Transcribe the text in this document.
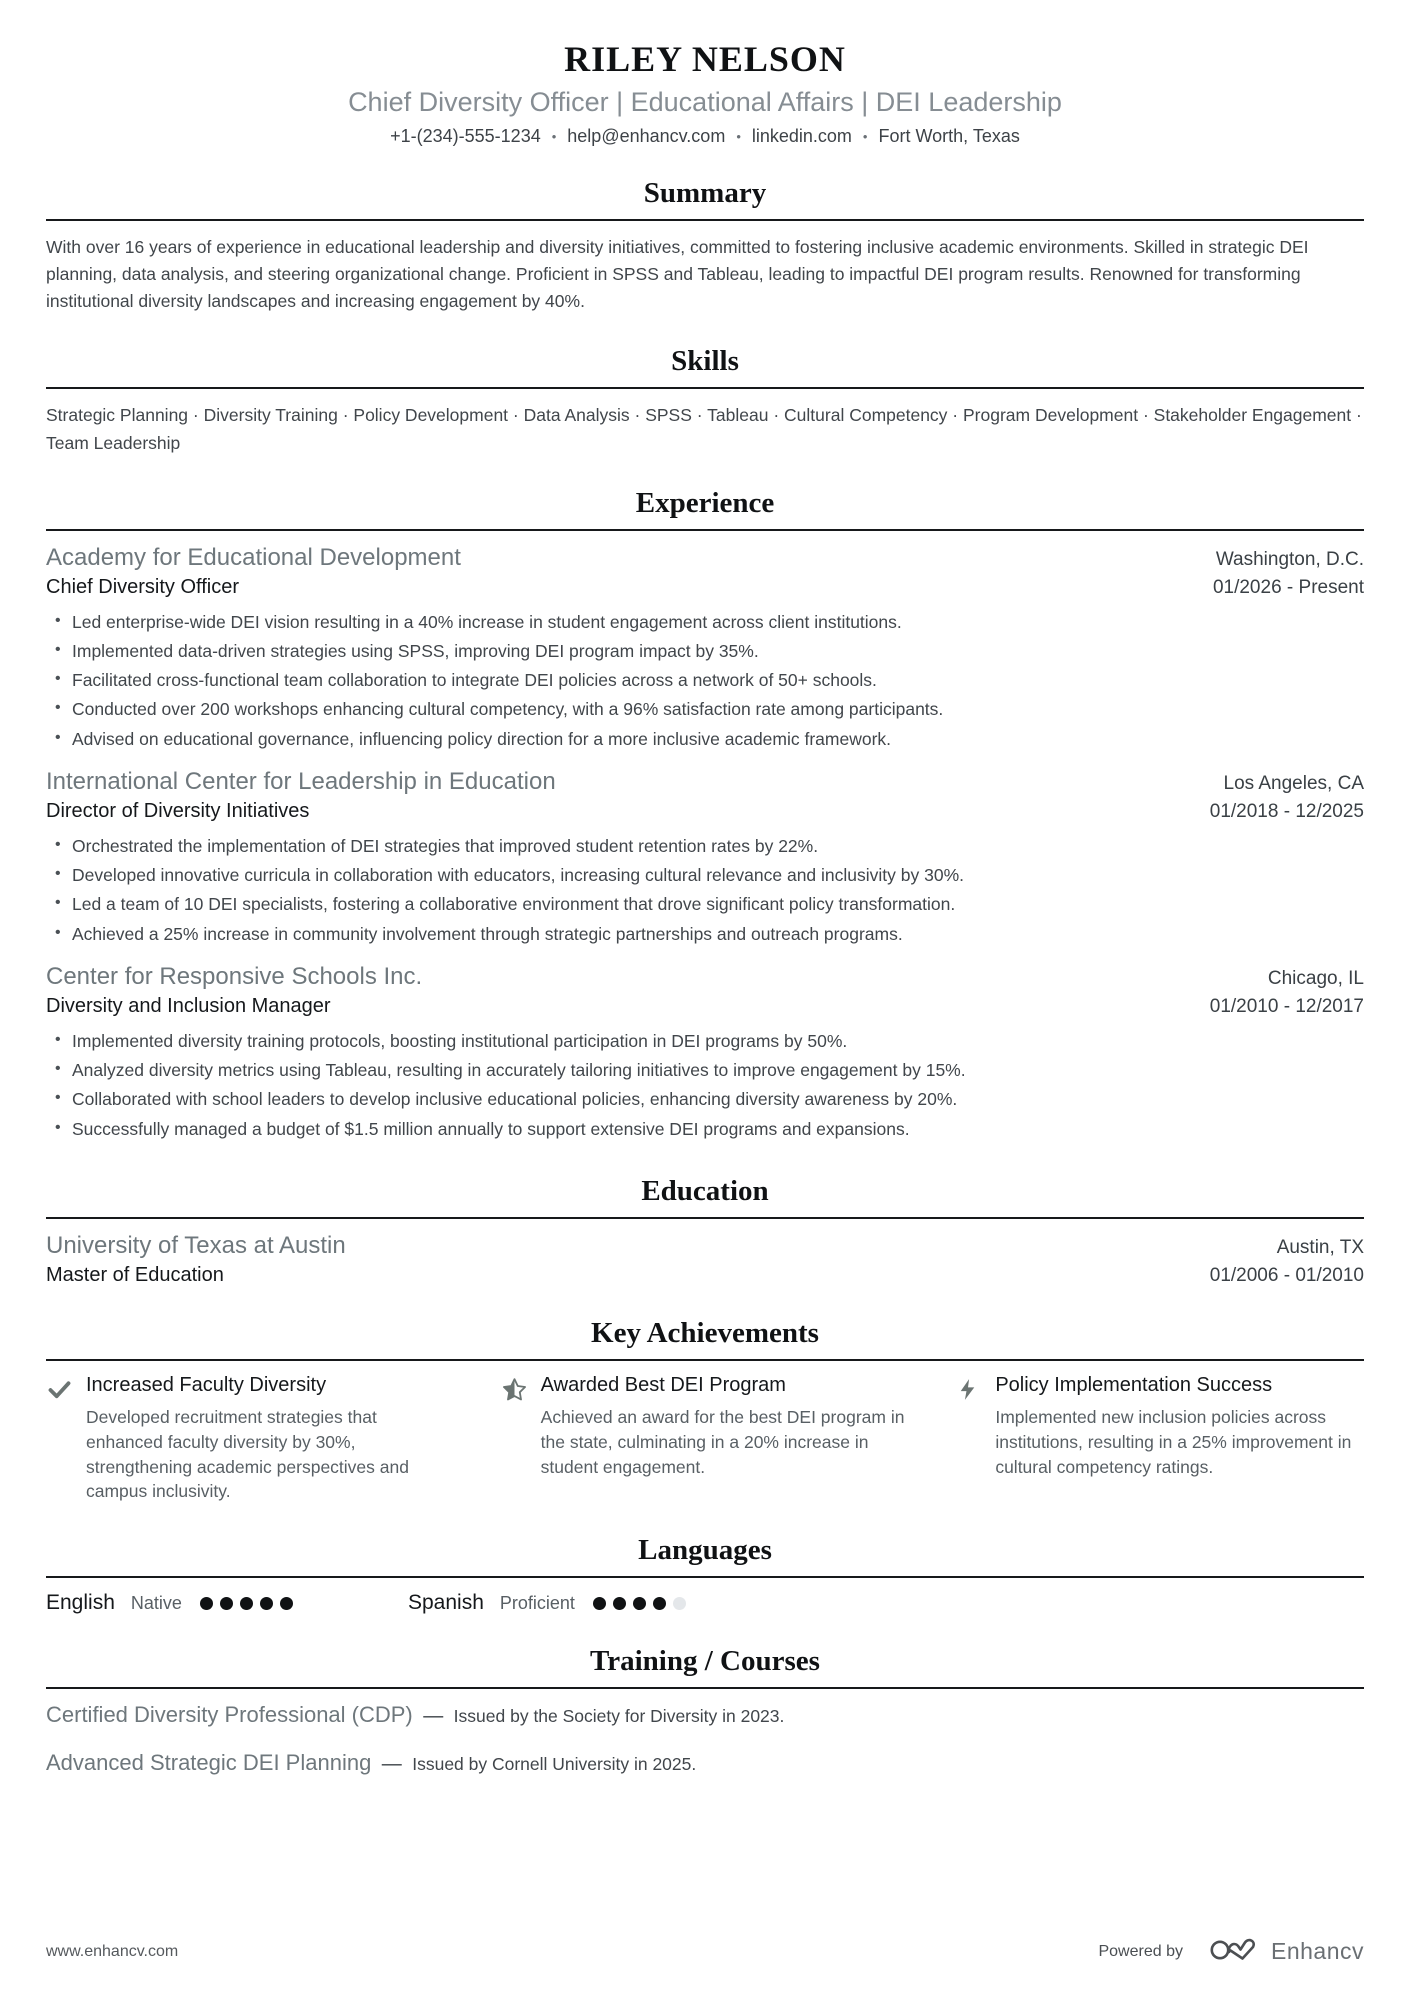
RILEY NELSON
Chief Diversity Officer | Educational Affairs | DEI Leadership
+1-(234)-555-1234 • help@enhancv.com • linkedin.com • Fort Worth, Texas
Summary

With over 16 years of experience in educational leadership and diversity initiatives, committed to fostering inclusive academic environments. Skilled in strategic DEI planning, data analysis, and steering organizational change. Proficient in SPSS and Tableau, leading to impactful DEI program results. Renowned for transforming institutional diversity landscapes and increasing engagement by 40%.

Skills
Strategic Planning · Diversity Training · Policy Development · Data Analysis · SPSS · Tableau · Cultural Competency · Program Development · Stakeholder Engagement · Team Leadership
Experience
Academy for Educational Development	Washington, D.C.
Chief Diversity Officer	01/2026 - Present
• Led enterprise-wide DEI vision resulting in a 40% increase in student engagement across client institutions.
• Implemented data-driven strategies using SPSS, improving DEI program impact by 35%.
• Facilitated cross-functional team collaboration to integrate DEI policies across a network of 50+ schools.
• Conducted over 200 workshops enhancing cultural competency, with a 96% satisfaction rate among participants.
• Advised on educational governance, influencing policy direction for a more inclusive academic framework.
International Center for Leadership in Education	Los Angeles, CA
Director of Diversity Initiatives	01/2018 - 12/2025
• Orchestrated the implementation of DEI strategies that improved student retention rates by 22%.
• Developed innovative curricula in collaboration with educators, increasing cultural relevance and inclusivity by 30%.
• Led a team of 10 DEI specialists, fostering a collaborative environment that drove significant policy transformation.
• Achieved a 25% increase in community involvement through strategic partnerships and outreach programs.
Center for Responsive Schools Inc.	Chicago, IL
Diversity and Inclusion Manager	01/2010 - 12/2017
• Implemented diversity training protocols, boosting institutional participation in DEI programs by 50%.
• Analyzed diversity metrics using Tableau, resulting in accurately tailoring initiatives to improve engagement by 15%.
• Collaborated with school leaders to develop inclusive educational policies, enhancing diversity awareness by 20%.
• Successfully managed a budget of $1.5 million annually to support extensive DEI programs and expansions.
Education
University of Texas at Austin	Austin, TX
Master of Education	01/2006 - 01/2010
Key Achievements
Increased Faculty Diversity
Developed recruitment strategies that enhanced faculty diversity by 30%, strengthening academic perspectives and campus inclusivity.
Awarded Best DEI Program
Achieved an award for the best DEI program in the state, culminating in a 20% increase in student engagement.
Policy Implementation Success
Implemented new inclusion policies across institutions, resulting in a 25% improvement in cultural competency ratings.
Languages
English Native	Spanish Proficient
Training / Courses
Certified Diversity Professional (CDP) — Issued by the Society for Diversity in 2023.
Advanced Strategic DEI Planning — Issued by Cornell University in 2025.
www.enhancv.com	Powered by	Enhancv
